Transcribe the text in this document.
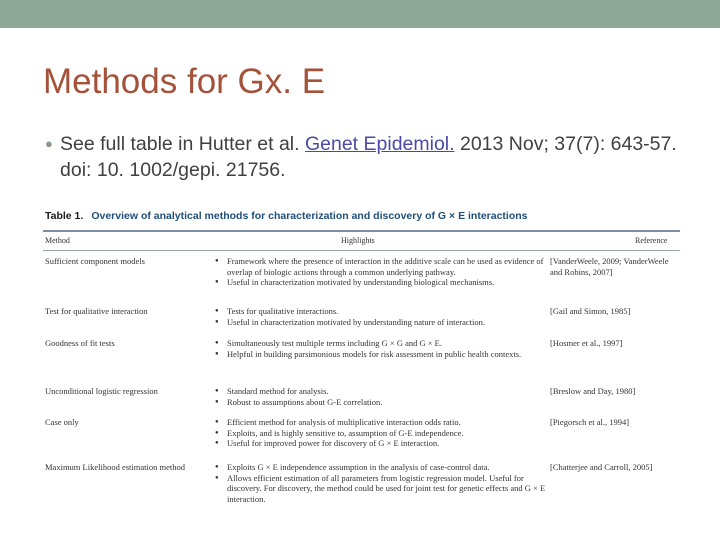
Methods for Gx. E
● See full table in Hutter et al. Genet Epidemiol. 2013 Nov; 37(7): 643-57. doi: 10. 1002/gepi. 21756.
Table 1. Overview of analytical methods for characterization and discovery of G × E interactions
Method	Highlights	Reference
Sufficient component models	● Framework where the presence of interaction in the additive scale can be used as evidence of overlap of biologic actions through a common underlying pathway.
● Useful in characterization motivated by understanding biological mechanisms.
[VanderWeele, 2009; VanderWeele and Robins, 2007]
Test for qualitative interaction	● Tests for qualitative interactions.
● Useful in characterization motivated by understanding nature of interaction.
[Gail and Simon, 1985]
Goodness of fit tests	● Simultaneously test multiple terms including G × G and G × E.
● Helpful in building parsimonious models for risk assessment in public health contexts.
[Hosmer et al., 1997]
Unconditional logistic regression	● Standard method for analysis.
● Robust to assumptions about G-E correlation.
[Breslow and Day, 1980]
Case only	● Efficient method for analysis of multiplicative interaction odds ratio.
● Exploits, and is highly sensitive to, assumption of G-E independence.
● Useful for improved power for discovery of G × E interaction.
[Piegorsch et al., 1994]
Maximum Likelihood estimation method	● Exploits G × E independence assumption in the analysis of case-control data.
● Allows efficient estimation of all parameters from logistic regression model. Useful for discovery. For discovery, the method could be used for joint test for genetic effects and G × E interaction.
[Chatterjee and Carroll, 2005]
